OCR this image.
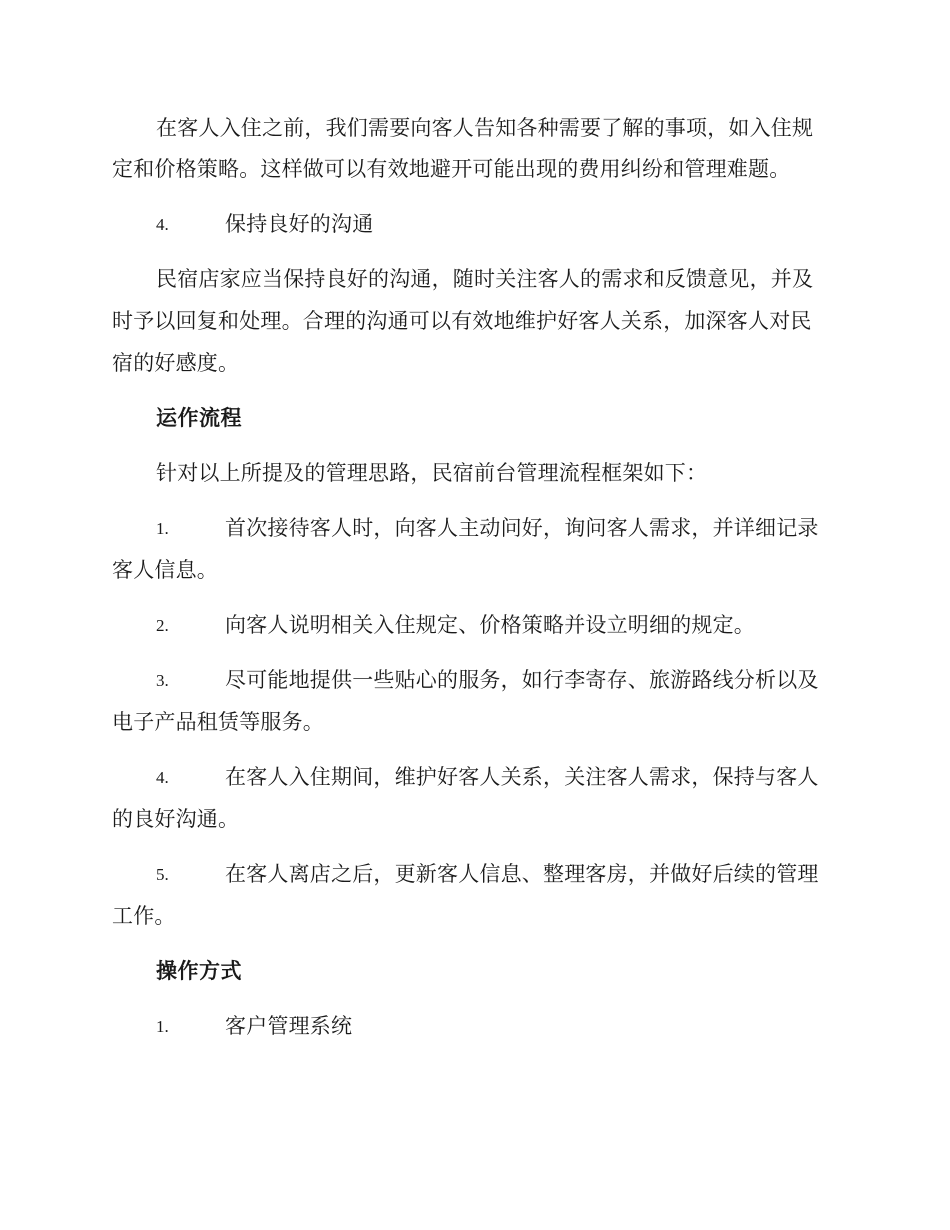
在客人入住之前，我们需要向客人告知各种需要了解的事项，如入住规
定和价格策略。这样做可以有效地避开可能出现的费用纠纷和管理难题。
4.	保持良好的沟通
民宿店家应当保持良好的沟通，随时关注客人的需求和反馈意见，并及
时予以回复和处理。合理的沟通可以有效地维护好客人关系，加深客人对民
宿的好感度。
运作流程
针对以上所提及的管理思路，民宿前台管理流程框架如下：
1.	首次接待客人时，向客人主动问好，询问客人需求，并详细记录
客人信息。
2.	向客人说明相关入住规定、价格策略并设立明细的规定。
3.	尽可能地提供一些贴心的服务，如行李寄存、旅游路线分析以及
电子产品租赁等服务。
4.	在客人入住期间，维护好客人关系，关注客人需求，保持与客人
的良好沟通。
5.	在客人离店之后，更新客人信息、整理客房，并做好后续的管理
工作。
操作方式
1.	客户管理系统
